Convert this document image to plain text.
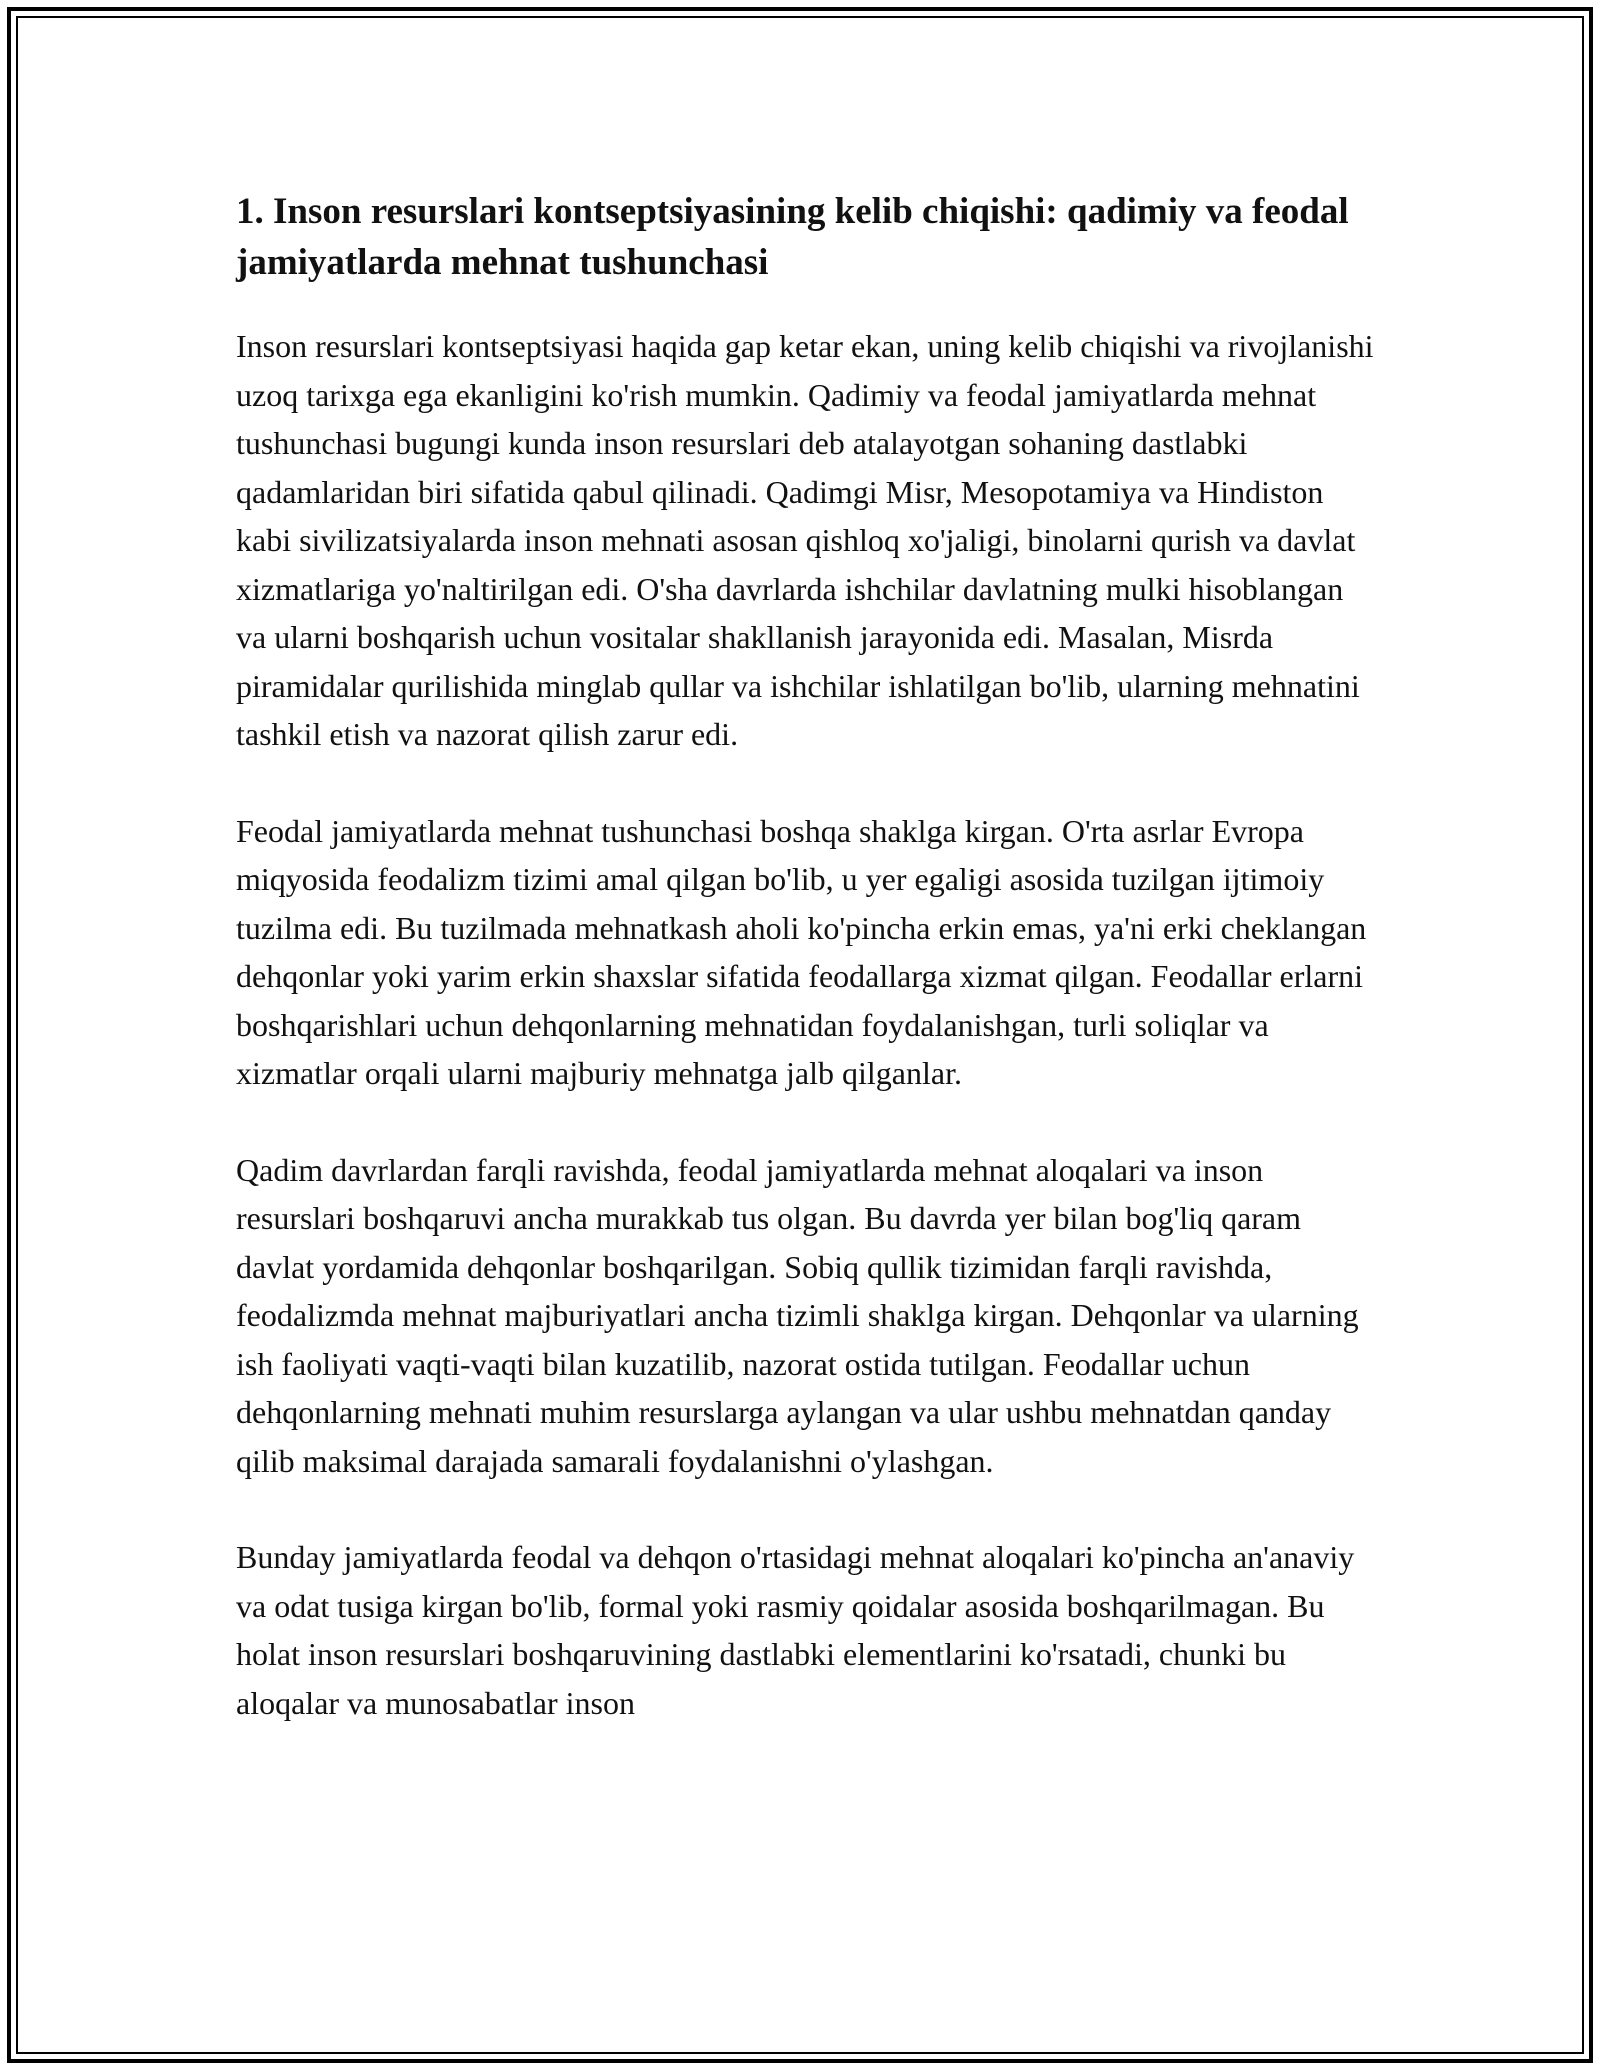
1. Inson resurslari kontseptsiyasining kelib chiqishi: qadimiy va feodal jamiyatlarda mehnat tushunchasi

Inson resurslari kontseptsiyasi haqida gap ketar ekan, uning kelib chiqishi va rivojlanishi uzoq tarixga ega ekanligini ko'rish mumkin. Qadimiy va feodal jamiyatlarda mehnat tushunchasi bugungi kunda inson resurslari deb atalayotgan sohaning dastlabki qadamlaridan biri sifatida qabul qilinadi. Qadimgi Misr, Mesopotamiya va Hindiston kabi sivilizatsiyalarda inson mehnati asosan qishloq xo'jaligi, binolarni qurish va davlat xizmatlariga yo'naltirilgan edi. O'sha davrlarda ishchilar davlatning mulki hisoblangan va ularni boshqarish uchun vositalar shakllanish jarayonida edi. Masalan, Misrda piramidalar qurilishida minglab qullar va ishchilar ishlatilgan bo'lib, ularning mehnatini tashkil etish va nazorat qilish zarur edi.

Feodal jamiyatlarda mehnat tushunchasi boshqa shaklga kirgan. O'rta asrlar Evropa miqyosida feodalizm tizimi amal qilgan bo'lib, u yer egaligi asosida tuzilgan ijtimoiy tuzilma edi. Bu tuzilmada mehnatkash aholi ko'pincha erkin emas, ya'ni erki cheklangan dehqonlar yoki yarim erkin shaxslar sifatida feodallarga xizmat qilgan. Feodallar erlarni boshqarishlari uchun dehqonlarning mehnatidan foydalanishgan, turli soliqlar va xizmatlar orqali ularni majburiy mehnatga jalb qilganlar.

Qadim davrlardan farqli ravishda, feodal jamiyatlarda mehnat aloqalari va inson resurslari boshqaruvi ancha murakkab tus olgan. Bu davrda yer bilan bog'liq qaram davlat yordamida dehqonlar boshqarilgan. Sobiq qullik tizimidan farqli ravishda, feodalizmda mehnat majburiyatlari ancha tizimli shaklga kirgan. Dehqonlar va ularning ish faoliyati vaqti-vaqti bilan kuzatilib, nazorat ostida tutilgan. Feodallar uchun dehqonlarning mehnati muhim resurslarga aylangan va ular ushbu mehnatdan qanday qilib maksimal darajada samarali foydalanishni o'ylashgan.

Bunday jamiyatlarda feodal va dehqon o'rtasidagi mehnat aloqalari ko'pincha an'anaviy va odat tusiga kirgan bo'lib, formal yoki rasmiy qoidalar asosida boshqarilmagan. Bu holat inson resurslari boshqaruvining dastlabki elementlarini ko'rsatadi, chunki bu aloqalar va munosabatlar inson
